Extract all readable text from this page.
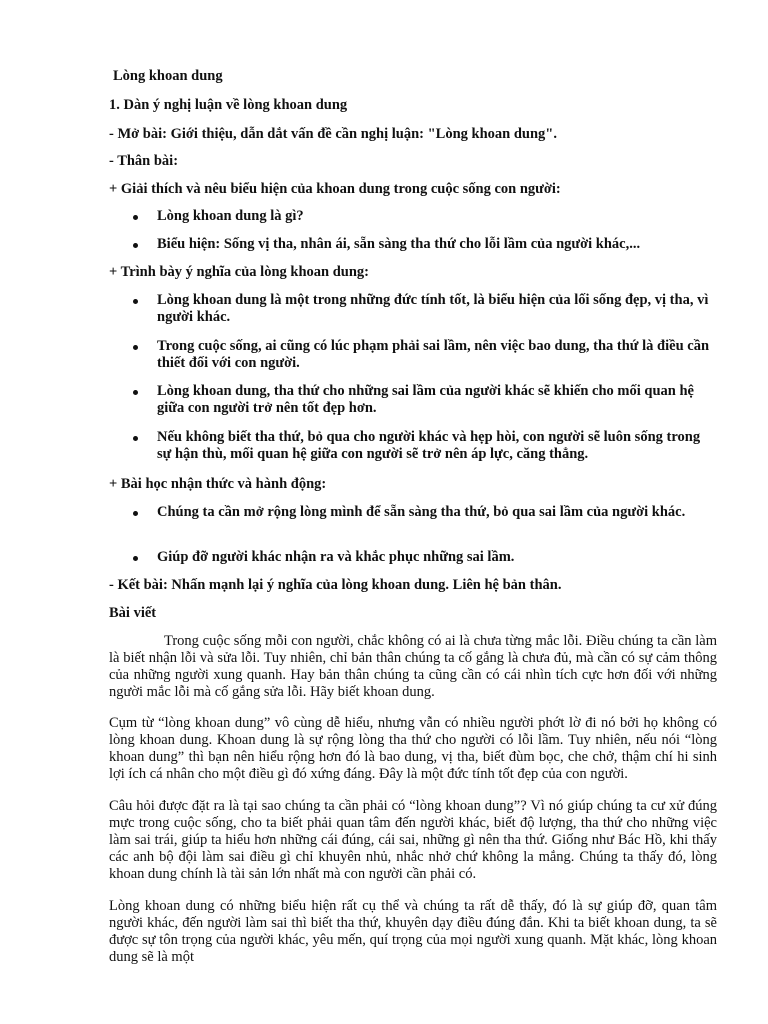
Lòng khoan dung
1. Dàn ý nghị luận về lòng khoan dung
- Mở bài: Giới thiệu, dẫn dắt vấn đề cần nghị luận: "Lòng khoan dung".
- Thân bài:
+ Giải thích và nêu biểu hiện của khoan dung trong cuộc sống con người:
Lòng khoan dung là gì?
Biểu hiện: Sống vị tha, nhân ái, sẵn sàng tha thứ cho lỗi lầm của người khác,...
+ Trình bày ý nghĩa của lòng khoan dung:
Lòng khoan dung là một trong những đức tính tốt, là biểu hiện của lối sống đẹp, vị tha, vì người khác.
Trong cuộc sống, ai cũng có lúc phạm phải sai lầm, nên việc bao dung, tha thứ là điều cần thiết đối với con người.
Lòng khoan dung, tha thứ cho những sai lầm của người khác sẽ khiến cho mối quan hệ giữa con người trở nên tốt đẹp hơn.
Nếu không biết tha thứ, bỏ qua cho người khác và hẹp hòi, con người sẽ luôn sống trong sự hận thù, mối quan hệ giữa con người sẽ trở nên áp lực, căng thẳng.
+ Bài học nhận thức và hành động:
Chúng ta cần mở rộng lòng mình để sẵn sàng tha thứ, bỏ qua sai lầm của người khác.
Giúp đỡ người khác nhận ra và khắc phục những sai lầm.
- Kết bài: Nhấn mạnh lại ý nghĩa của lòng khoan dung. Liên hệ bản thân.
Bài viết
Trong cuộc sống mỗi con người, chắc không có ai là chưa từng mắc lỗi. Điều chúng ta cần làm là biết nhận lỗi và sửa lỗi. Tuy nhiên, chỉ bản thân chúng ta cố gắng là chưa đủ, mà cần có sự cảm thông của những người xung quanh. Hay bản thân chúng ta cũng cần có cái nhìn tích cực hơn đối với những người mắc lỗi mà cố gắng sửa lỗi. Hãy biết khoan dung.
Cụm từ “lòng khoan dung” vô cùng dễ hiểu, nhưng vẫn có nhiều người phớt lờ đi nó bởi họ không có lòng khoan dung. Khoan dung là sự rộng lòng tha thứ cho người có lỗi lầm. Tuy nhiên, nếu nói “lòng khoan dung” thì bạn nên hiểu rộng hơn đó là bao dung, vị tha, biết đùm bọc, che chở, thậm chí hi sinh lợi ích cá nhân cho một điều gì đó xứng đáng. Đây là một đức tính tốt đẹp của con người.
Câu hỏi được đặt ra là tại sao chúng ta cần phải có “lòng khoan dung”? Vì nó giúp chúng ta cư xử đúng mực trong cuộc sống, cho ta biết phải quan tâm đến người khác, biết độ lượng, tha thứ cho những việc làm sai trái, giúp ta hiểu hơn những cái đúng, cái sai, những gì nên tha thứ. Giống như Bác Hồ, khi thấy các anh bộ đội làm sai điều gì chỉ khuyên nhủ, nhắc nhở chứ không la mắng. Chúng ta thấy đó, lòng khoan dung chính là tài sản lớn nhất mà con người cần phải có.
Lòng khoan dung có những biểu hiện rất cụ thể và chúng ta rất dễ thấy, đó là sự giúp đỡ, quan tâm người khác, đến người làm sai thì biết tha thứ, khuyên dạy điều đúng đắn. Khi ta biết khoan dung, ta sẽ được sự tôn trọng của người khác, yêu mến, quí trọng của mọi người xung quanh. Mặt khác, lòng khoan dung sẽ là một
